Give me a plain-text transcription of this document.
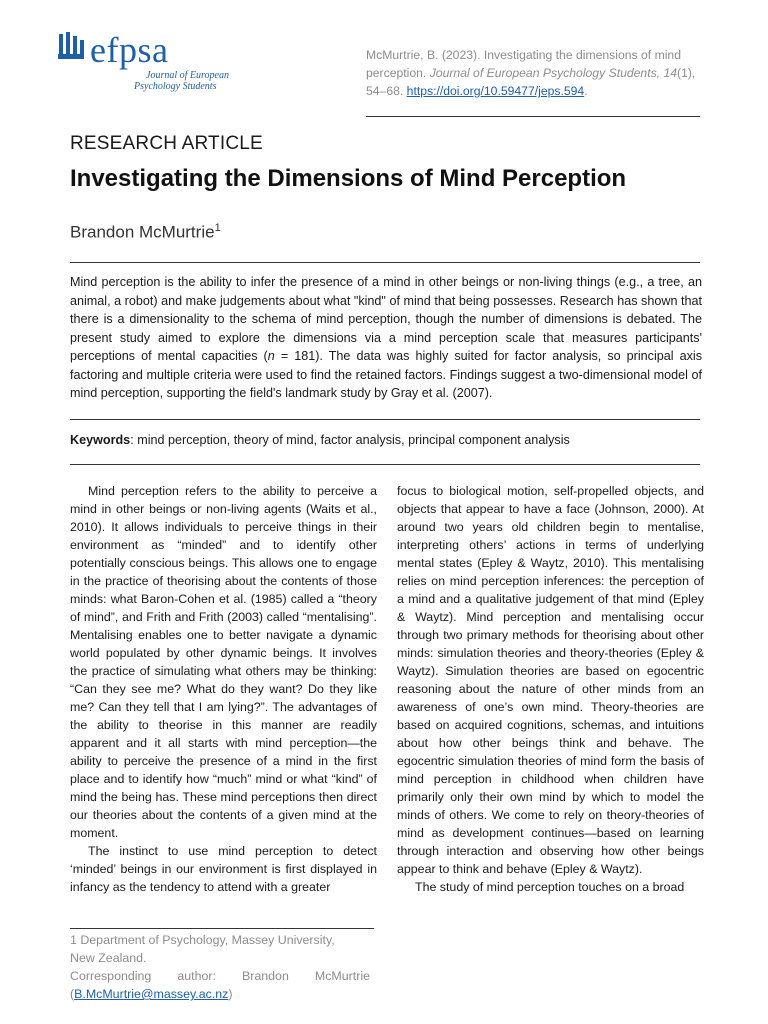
efpsa
Journal of European
Psychology Students
McMurtrie, B. (2023). Investigating the dimensions of mind perception. Journal of European Psychology Students, 14(1), 54–68. https://doi.org/10.59477/jeps.594.
RESEARCH ARTICLE
Investigating the Dimensions of Mind Perception
Brandon McMurtrie$^1$
Mind perception is the ability to infer the presence of a mind in other beings or non-living things (e.g., a tree, an animal, a robot) and make judgements about what "kind" of mind that being possesses. Research has shown that there is a dimensionality to the schema of mind perception, though the number of dimensions is debated. The present study aimed to explore the dimensions via a mind perception scale that measures participants' perceptions of mental capacities (n = 181). The data was highly suited for factor analysis, so principal axis factoring and multiple criteria were used to find the retained factors. Findings suggest a two-dimensional model of mind perception, supporting the field's landmark study by Gray et al. (2007).
Keywords: mind perception, theory of mind, factor analysis, principal component analysis

Mind perception refers to the ability to perceive a mind in other beings or non-living agents (Waits et al., 2010). It allows individuals to perceive things in their environment as “minded” and to identify other potentially conscious beings. This allows one to engage in the practice of theorising about the contents of those minds: what Baron-Cohen et al. (1985) called a “theory of mind”, and Frith and Frith (2003) called “mentalising”. Mentalising enables one to better navigate a dynamic world populated by other dynamic beings. It involves the practice of simulating what others may be thinking: “Can they see me? What do they want? Do they like me? Can they tell that I am lying?”. The advantages of the ability to theorise in this manner are readily apparent and it all starts with mind perception—the ability to perceive the presence of a mind in the first place and to identify how “much” mind or what “kind” of mind the being has. These mind perceptions then direct our theories about the contents of a given mind at the moment.

The instinct to use mind perception to detect ‘minded’ beings in our environment is first displayed in infancy as the tendency to attend with a greater

focus to biological motion, self-propelled objects, and objects that appear to have a face (Johnson, 2000). At around two years old children begin to mentalise, interpreting others’ actions in terms of underlying mental states (Epley & Waytz, 2010). This mentalising relies on mind perception inferences: the perception of a mind and a qualitative judgement of that mind (Epley & Waytz). Mind perception and mentalising occur through two primary methods for theorising about other minds: simulation theories and theory-theories (Epley & Waytz). Simulation theories are based on egocentric reasoning about the nature of other minds from an awareness of one’s own mind. Theory-theories are based on acquired cognitions, schemas, and intuitions about how other beings think and behave. The egocentric simulation theories of mind form the basis of mind perception in childhood when children have primarily only their own mind by which to model the minds of others. We come to rely on theory-theories of mind as development continues—based on learning through interaction and observing how other beings appear to think and behave (Epley & Waytz).

The study of mind perception touches on a broad

1 Department of Psychology, Massey University,
New Zealand.
Corresponding author: Brandon McMurtrie
(B.McMurtrie@massey.ac.nz)
